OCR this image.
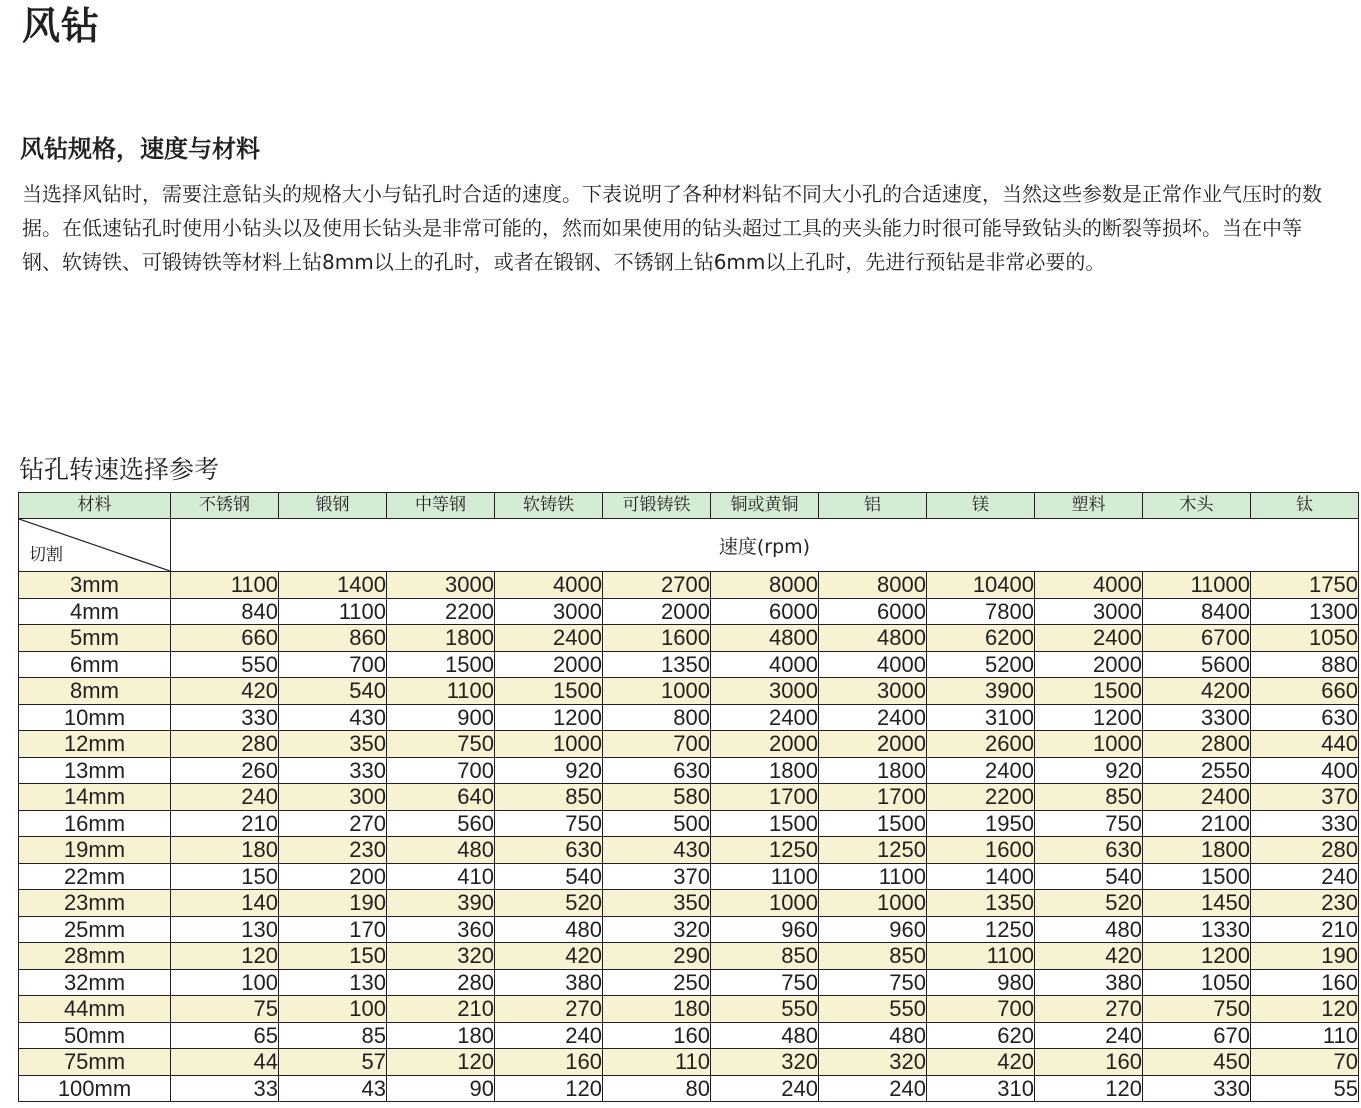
风钻
风钻规格，速度与材料

当选择风钻时，需要注意钻头的规格大小与钻孔时合适的速度。下表说明了各种材料钻不同大小孔的合适速度，当然这些参数是正常作业气压时的数据。在低速钻孔时使用小钻头以及使用长钻头是非常可能的，然而如果使用的钻头超过工具的夹头能力时很可能导致钻头的断裂等损坏。当在中等钢、软铸铁、可锻铸铁等材料上钻8mm以上的孔时，或者在锻钢、不锈钢上钻6mm以上孔时，先进行预钻是非常必要的。

钻孔转速选择参考
材料	不锈钢	锻钢	中等钢	软铸铁	可锻铸铁	铜或黄铜	铝	镁	塑料	木头	钛

切割	速度(rpm)										
3mm	1100	1400	3000	4000	2700	8000	8000	10400	4000	11000	1750
4mm	840	1100	2200	3000	2000	6000	6000	7800	3000	8400	1300
5mm	660	860	1800	2400	1600	4800	4800	6200	2400	6700	1050
6mm	550	700	1500	2000	1350	4000	4000	5200	2000	5600	880
8mm	420	540	1100	1500	1000	3000	3000	3900	1500	4200	660
10mm	330	430	900	1200	800	2400	2400	3100	1200	3300	630
12mm	280	350	750	1000	700	2000	2000	2600	1000	2800	440
13mm	260	330	700	920	630	1800	1800	2400	920	2550	400
14mm	240	300	640	850	580	1700	1700	2200	850	2400	370
16mm	210	270	560	750	500	1500	1500	1950	750	2100	330
19mm	180	230	480	630	430	1250	1250	1600	630	1800	280
22mm	150	200	410	540	370	1100	1100	1400	540	1500	240
23mm	140	190	390	520	350	1000	1000	1350	520	1450	230
25mm	130	170	360	480	320	960	960	1250	480	1330	210
28mm	120	150	320	420	290	850	850	1100	420	1200	190
32mm	100	130	280	380	250	750	750	980	380	1050	160
44mm	75	100	210	270	180	550	550	700	270	750	120
50mm	65	85	180	240	160	480	480	620	240	670	110
75mm	44	57	120	160	110	320	320	420	160	450	70
100mm	33	43	90	120	80	240	240	310	120	330	55
